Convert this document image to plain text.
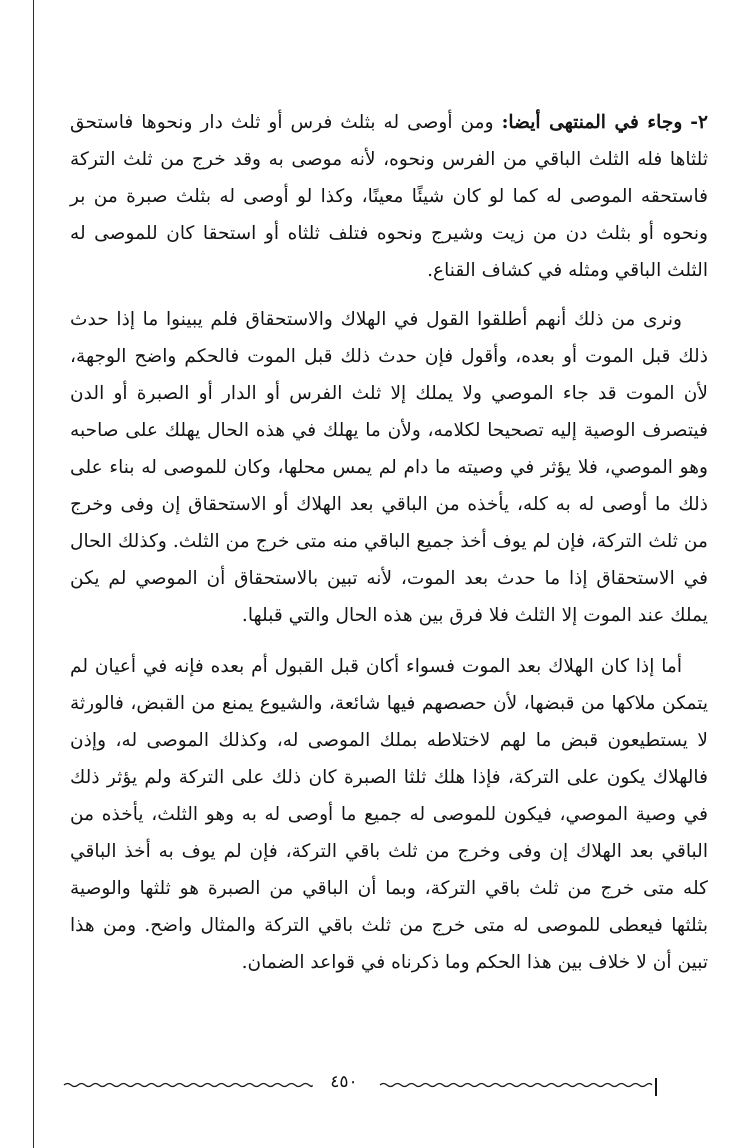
٢- وجاء في المنتهى أيضا: ومن أوصى له بثلث فرس أو ثلث دار ونحوها فاستحق ثلثاها فله الثلث الباقي من الفرس ونحوه، لأنه موصى به وقد خرج من ثلث التركة فاستحقه الموصى له كما لو كان شيئًا معينًا، وكذا لو أوصى له بثلث صبرة من بر ونحوه أو بثلث دن من زيت وشيرج ونحوه فتلف ثلثاه أو استحقا كان للموصى له الثلث الباقي ومثله في كشاف القناع.

ونرى من ذلك أنهم أطلقوا القول في الهلاك والاستحقاق فلم يبينوا ما إذا حدث ذلك قبل الموت أو بعده، وأقول فإن حدث ذلك قبل الموت فالحكم واضح الوجهة، لأن الموت قد جاء الموصي ولا يملك إلا ثلث الفرس أو الدار أو الصبرة أو الدن فيتصرف الوصية إليه تصحيحا لكلامه، ولأن ما يهلك في هذه الحال يهلك على صاحبه وهو الموصي، فلا يؤثر في وصيته ما دام لم يمس محلها، وكان للموصى له بناء على ذلك ما أوصى له به كله، يأخذه من الباقي بعد الهلاك أو الاستحقاق إن وفى وخرج من ثلث التركة، فإن لم يوف أخذ جميع الباقي منه متى خرج من الثلث. وكذلك الحال في الاستحقاق إذا ما حدث بعد الموت، لأنه تبين بالاستحقاق أن الموصي لم يكن يملك عند الموت إلا الثلث فلا فرق بين هذه الحال والتي قبلها.

أما إذا كان الهلاك بعد الموت فسواء أكان قبل القبول أم بعده فإنه في أعيان لم يتمكن ملاكها من قبضها، لأن حصصهم فيها شائعة، والشيوع يمنع من القبض، فالورثة لا يستطيعون قبض ما لهم لاختلاطه بملك الموصى له، وكذلك الموصى له، وإذن فالهلاك يكون على التركة، فإذا هلك ثلثا الصبرة كان ذلك على التركة ولم يؤثر ذلك في وصية الموصي، فيكون للموصى له جميع ما أوصى له به وهو الثلث، يأخذه من الباقي بعد الهلاك إن وفى وخرج من ثلث باقي التركة، فإن لم يوف به أخذ الباقي كله متى خرج من ثلث باقي التركة، وبما أن الباقي من الصبرة هو ثلثها والوصية بثلثها فيعطى للموصى له متى خرج من ثلث باقي التركة والمثال واضح. ومن هذا تبين أن لا خلاف بين هذا الحكم وما ذكرناه في قواعد الضمان.

٤٥٠
